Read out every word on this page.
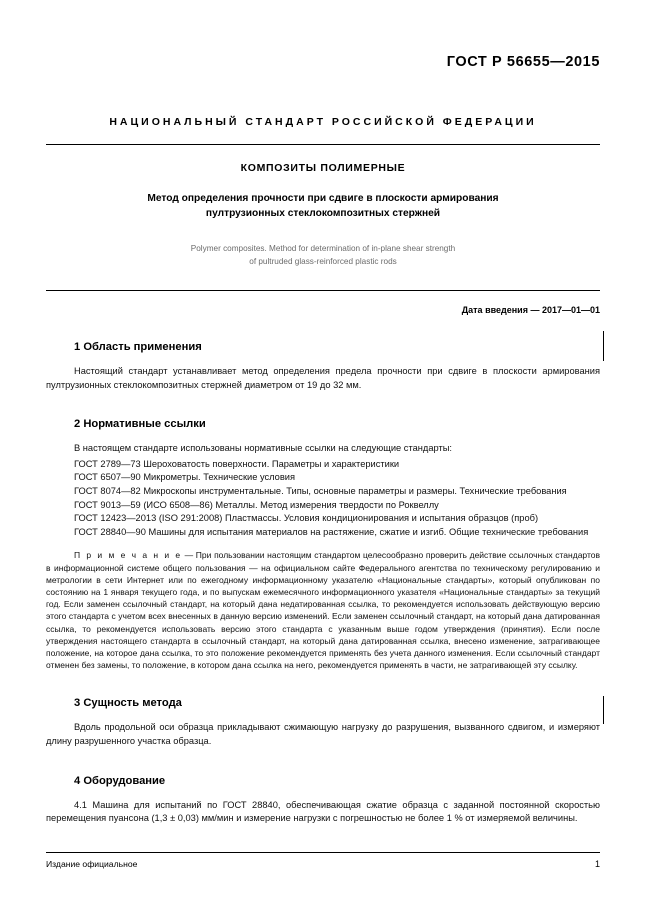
ГОСТ Р 56655—2015
НАЦИОНАЛЬНЫЙ СТАНДАРТ РОССИЙСКОЙ ФЕДЕРАЦИИ
КОМПОЗИТЫ ПОЛИМЕРНЫЕ
Метод определения прочности при сдвиге в плоскости армирования
пултрузионных стеклокомпозитных стержней
Polymer composites. Method for determination of in-plane shear strength
of pultruded glass-reinforced plastic rods
Дата введения — 2017—01—01
1 Область применения

Настоящий стандарт устанавливает метод определения предела прочности при сдвиге в плоскости армирования пултрузионных стеклокомпозитных стержней диаметром от 19 до 32 мм.

2 Нормативные ссылки

В настоящем стандарте использованы нормативные ссылки на следующие стандарты:

ГОСТ 2789—73 Шероховатость поверхности. Параметры и характеристики

ГОСТ 6507—90 Микрометры. Технические условия

ГОСТ 8074—82 Микроскопы инструментальные. Типы, основные параметры и размеры. Технические требования

ГОСТ 9013—59 (ИСО 6508—86) Металлы. Метод измерения твердости по Роквеллу

ГОСТ 12423—2013 (ISO 291:2008) Пластмассы. Условия кондиционирования и испытания образцов (проб)

ГОСТ 28840—90 Машины для испытания материалов на растяжение, сжатие и изгиб. Общие технические требования

П р и м е ч а н и е — При пользовании настоящим стандартом целесообразно проверить действие ссылочных стандартов в информационной системе общего пользования — на официальном сайте Федерального агентства по техническому регулированию и метрологии в сети Интернет или по ежегодному информационному указателю «Национальные стандарты», который опубликован по состоянию на 1 января текущего года, и по выпускам ежемесячного информационного указателя «Национальные стандарты» за текущий год. Если заменен ссылочный стандарт, на который дана недатированная ссылка, то рекомендуется использовать действующую версию этого стандарта с учетом всех внесенных в данную версию изменений. Если заменен ссылочный стандарт, на который дана датированная ссылка, то рекомендуется использовать версию этого стандарта с указанным выше годом утверждения (принятия). Если после утверждения настоящего стандарта в ссылочный стандарт, на который дана датированная ссылка, внесено изменение, затрагивающее положение, на которое дана ссылка, то это положение рекомендуется применять без учета данного изменения. Если ссылочный стандарт отменен без замены, то положение, в котором дана ссылка на него, рекомендуется применять в части, не затрагивающей эту ссылку.

3 Сущность метода

Вдоль продольной оси образца прикладывают сжимающую нагрузку до разрушения, вызванного сдвигом, и измеряют длину разрушенного участка образца.

4 Оборудование

4.1 Машина для испытаний по ГОСТ 28840, обеспечивающая сжатие образца с заданной постоянной скоростью перемещения пуансона (1,3 ± 0,03) мм/мин и измерение нагрузки с погрешностью не более 1 % от измеряемой величины.

Издание официальное	1
